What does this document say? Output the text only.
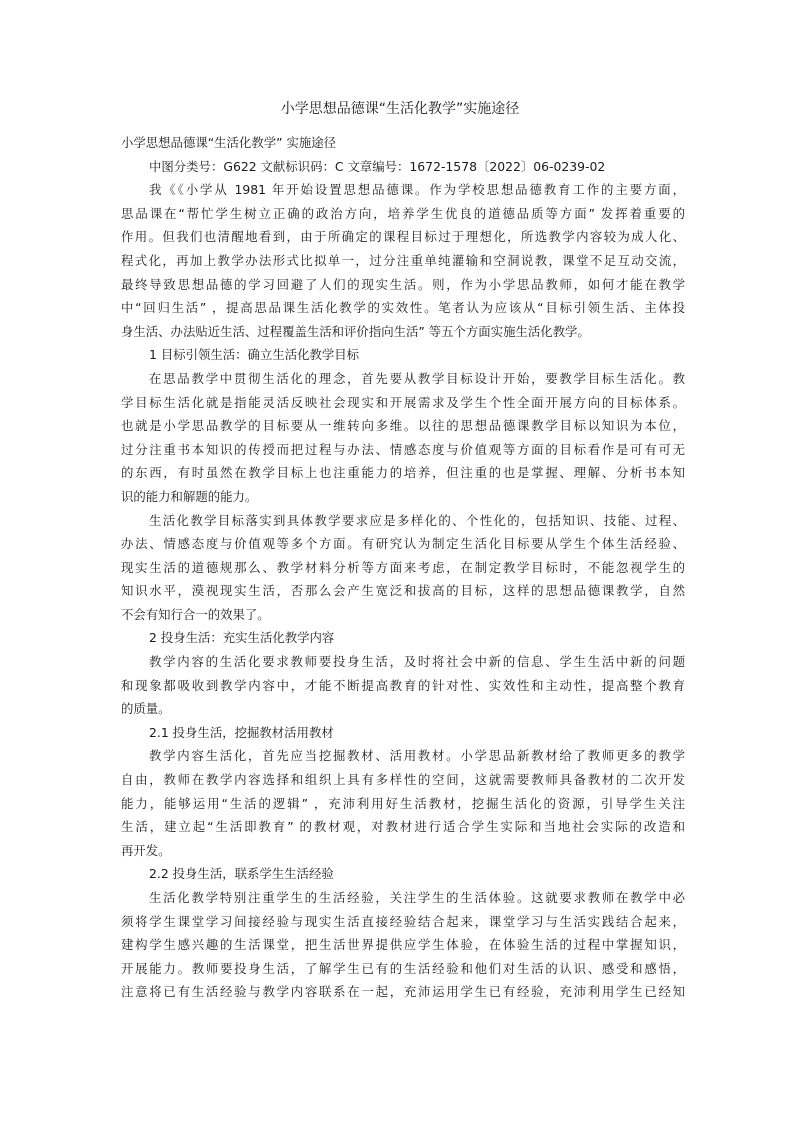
小学思想品德课“生活化教学”实施途径
小学思想品德课“生活化教学” 实施途径
中图分类号：G622 文献标识码：C 文章编号：1672-1578〔2022〕06-0239-02
我《《小学从 1981 年开始设置思想品德课。作为学校思想品德教育工作的主要方面，
思品课在“帮忙学生树立正确的政治方向，培养学生优良的道德品质等方面” 发挥着重要的
作用。但我们也清醒地看到，由于所确定的课程目标过于理想化，所选教学内容较为成人化、
程式化，再加上教学办法形式比拟单一，过分注重单纯灌输和空洞说教，课堂不足互动交流，
最终导致思想品德的学习回避了人们的现实生活。则，作为小学思品教师，如何才能在教学
中“回归生活” ，提高思品课生活化教学的实效性。笔者认为应该从“目标引领生活、主体投
身生活、办法贴近生活、过程覆盖生活和评价指向生活” 等五个方面实施生活化教学。
1 目标引领生活：确立生活化教学目标
在思品教学中贯彻生活化的理念，首先要从教学目标设计开始，要教学目标生活化。教
学目标生活化就是指能灵活反映社会现实和开展需求及学生个性全面开展方向的目标体系。
也就是小学思品教学的目标要从一维转向多维。以往的思想品德课教学目标以知识为本位，
过分注重书本知识的传授而把过程与办法、情感态度与价值观等方面的目标看作是可有可无
的东西，有时虽然在教学目标上也注重能力的培养，但注重的也是掌握、理解、分析书本知
识的能力和解题的能力。
生活化教学目标落实到具体教学要求应是多样化的、个性化的，包括知识、技能、过程、
办法、情感态度与价值观等多个方面。有研究认为制定生活化目标要从学生个体生活经验、
现实生活的道德规那么、教学材料分析等方面来考虑，在制定教学目标时，不能忽视学生的
知识水平，漠视现实生活，否那么会产生宽泛和拔高的目标，这样的思想品德课教学，自然
不会有知行合一的效果了。
2 投身生活：充实生活化教学内容
教学内容的生活化要求教师要投身生活，及时将社会中新的信息、学生生活中新的问题
和现象都吸收到教学内容中，才能不断提高教育的针对性、实效性和主动性，提高整个教育
的质量。
2.1 投身生活，挖掘教材活用教材
教学内容生活化，首先应当挖掘教材、活用教材。小学思品新教材给了教师更多的教学
自由，教师在教学内容选择和组织上具有多样性的空间，这就需要教师具备教材的二次开发
能力，能够运用“生活的逻辑” ，充沛利用好生活教材，挖掘生活化的资源，引导学生关注
生活，建立起“生活即教育” 的教材观，对教材进行适合学生实际和当地社会实际的改造和
再开发。
2.2 投身生活，联系学生生活经验
生活化教学特别注重学生的生活经验，关注学生的生活体验。这就要求教师在教学中必
须将学生课堂学习间接经验与现实生活直接经验结合起来，课堂学习与生活实践结合起来，
建构学生感兴趣的生活课堂，把生活世界提供应学生体验，在体验生活的过程中掌握知识，
开展能力。教师要投身生活，了解学生已有的生活经验和他们对生活的认识、感受和感悟，
注意将已有生活经验与教学内容联系在一起，充沛运用学生已有经验，充沛利用学生已经知
